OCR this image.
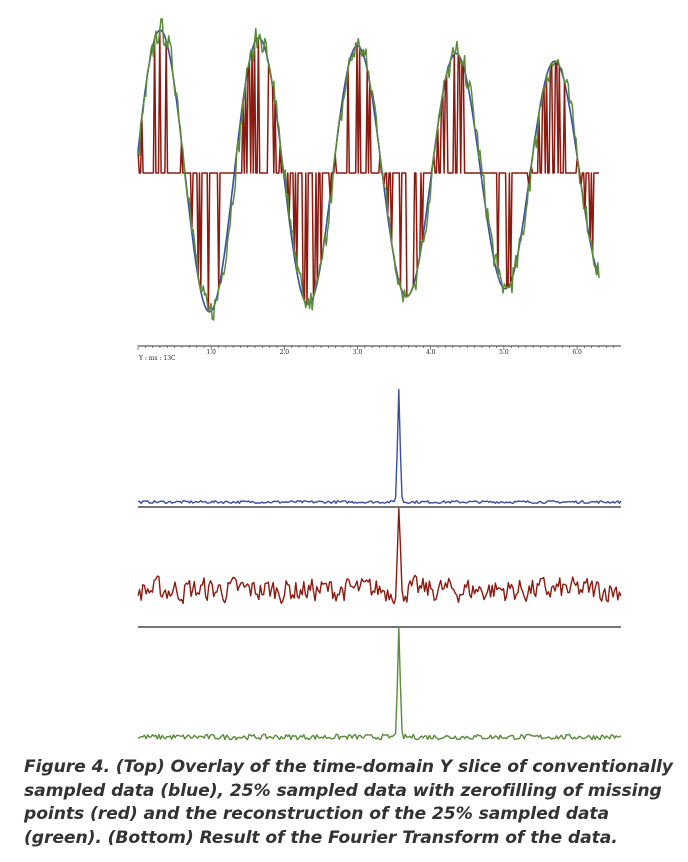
1.0	2.0	3.0	4.0	5.0	6.0
Y : ms : 13C

Figure 4. (Top) Overlay of the time-domain Y slice of conventionally sampled data (blue), 25% sampled data with zerofilling of missing points (red) and the reconstruction of the 25% sampled data (green). (Bottom) Result of the Fourier Transform of the data.
